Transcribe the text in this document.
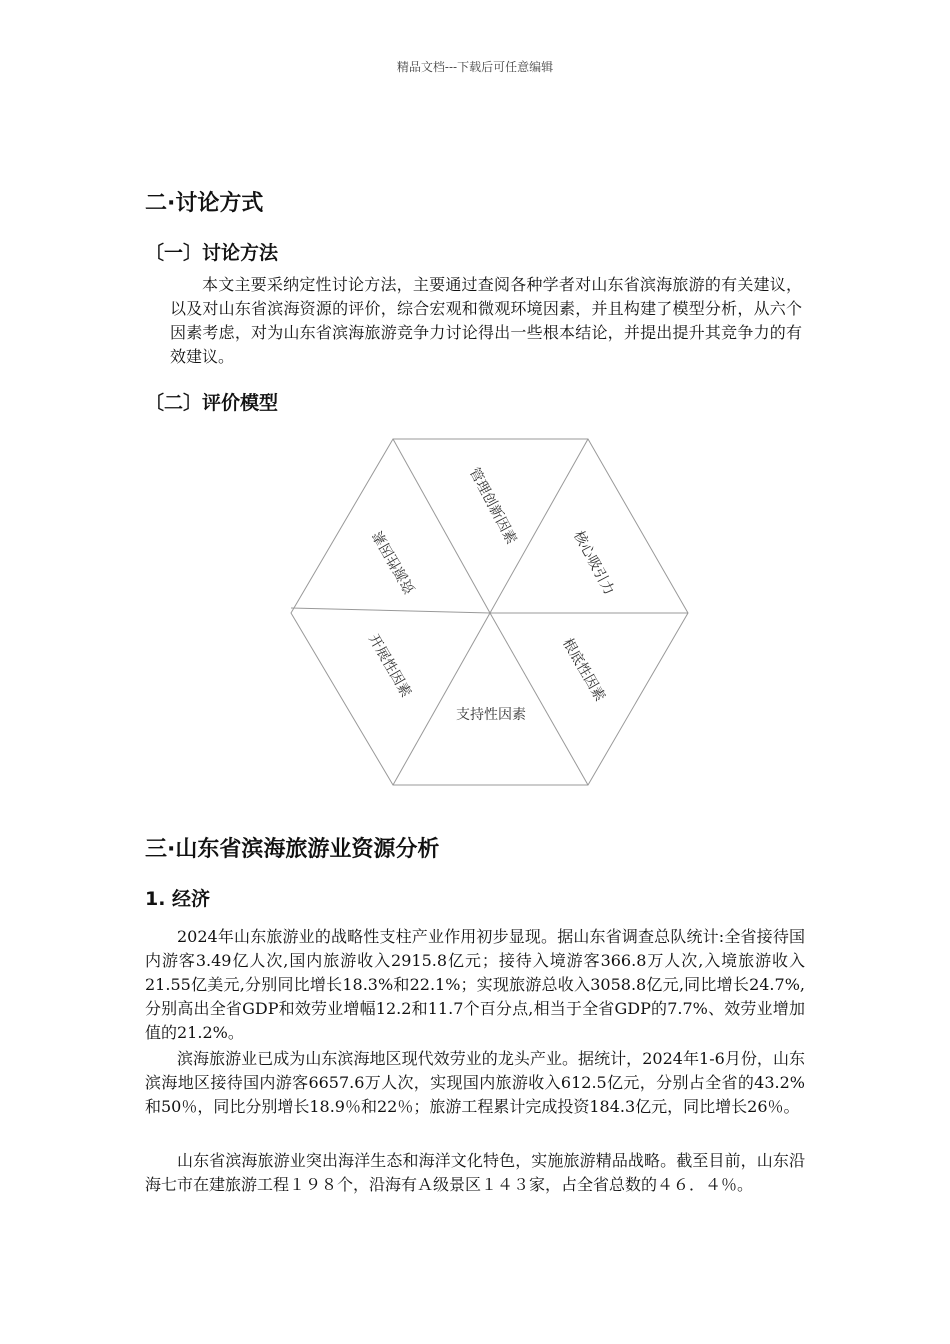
精品文档---下载后可任意编辑
二·讨论方式
〔一〕讨论方法

本文主要采纳定性讨论方法，主要通过查阅各种学者对山东省滨海旅游的有关建议，以及对山东省滨海资源的评价，综合宏观和微观环境因素，并且构建了模型分析，从六个因素考虑，对为山东省滨海旅游竞争力讨论得出一些根本结论，并提出提升其竞争力的有效建议。

〔二〕评价模型
管理创新因素
核心吸引力
资源性因素
开展性因素	根底性因素
支持性因素
三·山东省滨海旅游业资源分析
1. 经济

2024年山东旅游业的战略性支柱产业作用初步显现。据山东省调查总队统计:全省接待国内游客3.49亿人次,国内旅游收入2915.8亿元；接待入境游客366.8万人次,入境旅游收入21.55亿美元,分别同比增长18.3%和22.1%；实现旅游总收入3058.8亿元,同比增长24.7%,分别高出全省GDP和效劳业增幅12.2和11.7个百分点,相当于全省GDP的7.7%、效劳业增加值的21.2%。

滨海旅游业已成为山东滨海地区现代效劳业的龙头产业。据统计，2024年1-6月份，山东滨海地区接待国内游客6657.6万人次，实现国内旅游收入612.5亿元，分别占全省的43.2%和50％，同比分别增长18.9％和22％；旅游工程累计完成投资184.3亿元，同比增长26％。

山东省滨海旅游业突出海洋生态和海洋文化特色，实施旅游精品战略。截至目前，山东沿海七市在建旅游工程１９８个，沿海有Ａ级景区１４３家，占全省总数的４６．４％。
